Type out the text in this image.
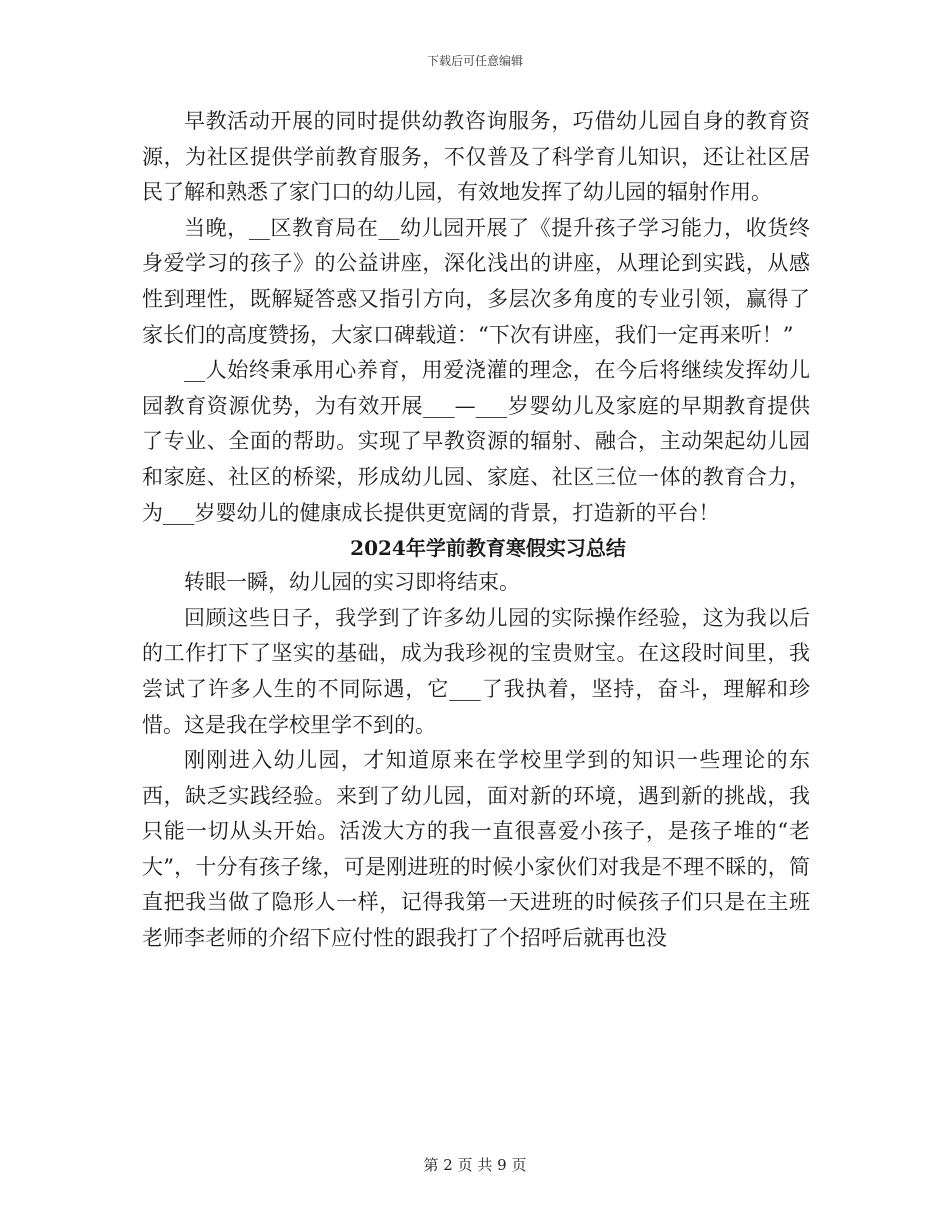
下载后可任意编辑

早教活动开展的同时提供幼教咨询服务，巧借幼儿园自身的教育资源，为社区提供学前教育服务，不仅普及了科学育儿知识，还让社区居民了解和熟悉了家门口的幼儿园，有效地发挥了幼儿园的辐射作用。

当晚，__区教育局在__幼儿园开展了《提升孩子学习能力，收货终身爱学习的孩子》的公益讲座，深化浅出的讲座，从理论到实践，从感性到理性，既解疑答惑又指引方向，多层次多角度的专业引领，赢得了家长们的高度赞扬，大家口碑载道：“下次有讲座，我们一定再来听！”

__人始终秉承用心养育，用爱浇灌的理念，在今后将继续发挥幼儿园教育资源优势，为有效开展___—___岁婴幼儿及家庭的早期教育提供了专业、全面的帮助。实现了早教资源的辐射、融合，主动架起幼儿园和家庭、社区的桥梁，形成幼儿园、家庭、社区三位一体的教育合力，为___岁婴幼儿的健康成长提供更宽阔的背景，打造新的平台！

2024年学前教育寒假实习总结

转眼一瞬，幼儿园的实习即将结束。

回顾这些日子，我学到了许多幼儿园的实际操作经验，这为我以后的工作打下了坚实的基础，成为我珍视的宝贵财宝。在这段时间里，我尝试了许多人生的不同际遇，它___了我执着，坚持，奋斗，理解和珍惜。这是我在学校里学不到的。

刚刚进入幼儿园，才知道原来在学校里学到的知识一些理论的东西，缺乏实践经验。来到了幼儿园，面对新的环境，遇到新的挑战，我只能一切从头开始。活泼大方的我一直很喜爱小孩子，是孩子堆的“老大”，十分有孩子缘，可是刚进班的时候小家伙们对我是不理不睬的，简直把我当做了隐形人一样，记得我第一天进班的时候孩子们只是在主班老师李老师的介绍下应付性的跟我打了个招呼后就再也没

第 2 页 共 9 页
